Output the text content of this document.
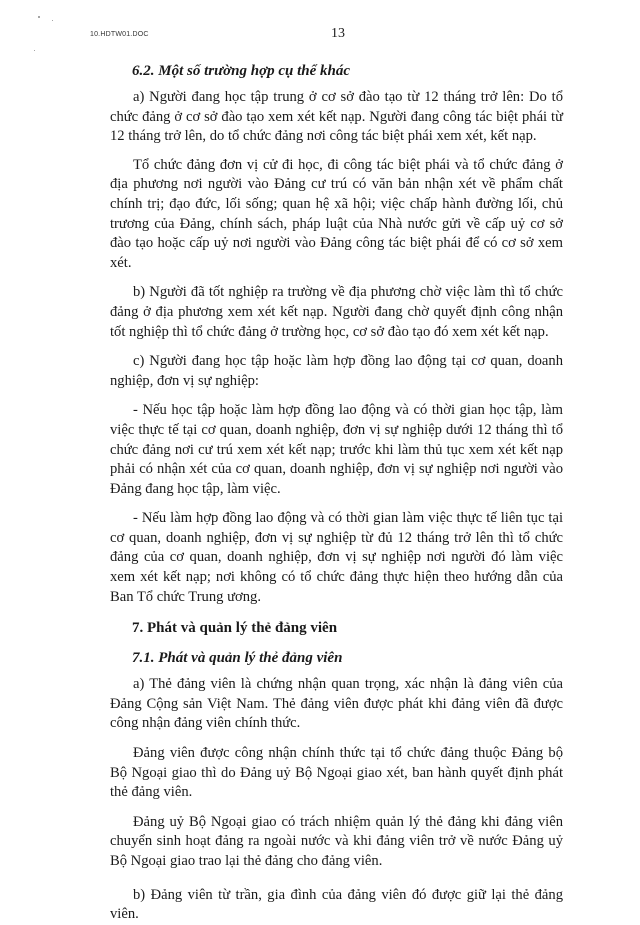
10.HDTW01.DOC	13

6.2. Một số trường hợp cụ thể khác

a) Người đang học tập trung ở cơ sở đào tạo từ 12 tháng trở lên: Do tổ chức đảng ở cơ sở đào tạo xem xét kết nạp. Người đang công tác biệt phái từ 12 tháng trở lên, do tổ chức đảng nơi công tác biệt phái xem xét, kết nạp.

Tổ chức đảng đơn vị cử đi học, đi công tác biệt phái và tổ chức đảng ở địa phương nơi người vào Đảng cư trú có văn bản nhận xét về phẩm chất chính trị; đạo đức, lối sống; quan hệ xã hội; việc chấp hành đường lối, chủ trương của Đảng, chính sách, pháp luật của Nhà nước gửi về cấp uỷ cơ sở đào tạo hoặc cấp uỷ nơi người vào Đảng công tác biệt phái để có cơ sở xem xét.

b) Người đã tốt nghiệp ra trường về địa phương chờ việc làm thì tổ chức đảng ở địa phương xem xét kết nạp. Người đang chờ quyết định công nhận tốt nghiệp thì tổ chức đảng ở trường học, cơ sở đào tạo đó xem xét kết nạp.

c) Người đang học tập hoặc làm hợp đồng lao động tại cơ quan, doanh nghiệp, đơn vị sự nghiệp:

- Nếu học tập hoặc làm hợp đồng lao động và có thời gian học tập, làm việc thực tế tại cơ quan, doanh nghiệp, đơn vị sự nghiệp dưới 12 tháng thì tổ chức đảng nơi cư trú xem xét kết nạp; trước khi làm thủ tục xem xét kết nạp phải có nhận xét của cơ quan, doanh nghiệp, đơn vị sự nghiệp nơi người vào Đảng đang học tập, làm việc.

- Nếu làm hợp đồng lao động và có thời gian làm việc thực tế liên tục tại cơ quan, doanh nghiệp, đơn vị sự nghiệp từ đủ 12 tháng trở lên thì tổ chức đảng của cơ quan, doanh nghiệp, đơn vị sự nghiệp nơi người đó làm việc xem xét kết nạp; nơi không có tổ chức đảng thực hiện theo hướng dẫn của Ban Tổ chức Trung ương.

7. Phát và quản lý thẻ đảng viên

7.1. Phát và quản lý thẻ đảng viên

a) Thẻ đảng viên là chứng nhận quan trọng, xác nhận là đảng viên của Đảng Cộng sản Việt Nam. Thẻ đảng viên được phát khi đảng viên đã được công nhận đảng viên chính thức.

Đảng viên được công nhận chính thức tại tổ chức đảng thuộc Đảng bộ Bộ Ngoại giao thì do Đảng uỷ Bộ Ngoại giao xét, ban hành quyết định phát thẻ đảng viên.

Đảng uỷ Bộ Ngoại giao có trách nhiệm quản lý thẻ đảng khi đảng viên chuyển sinh hoạt đảng ra ngoài nước và khi đảng viên trở về nước Đảng uỷ Bộ Ngoại giao trao lại thẻ đảng cho đảng viên.

b) Đảng viên từ trần, gia đình của đảng viên đó được giữ lại thẻ đảng viên.
